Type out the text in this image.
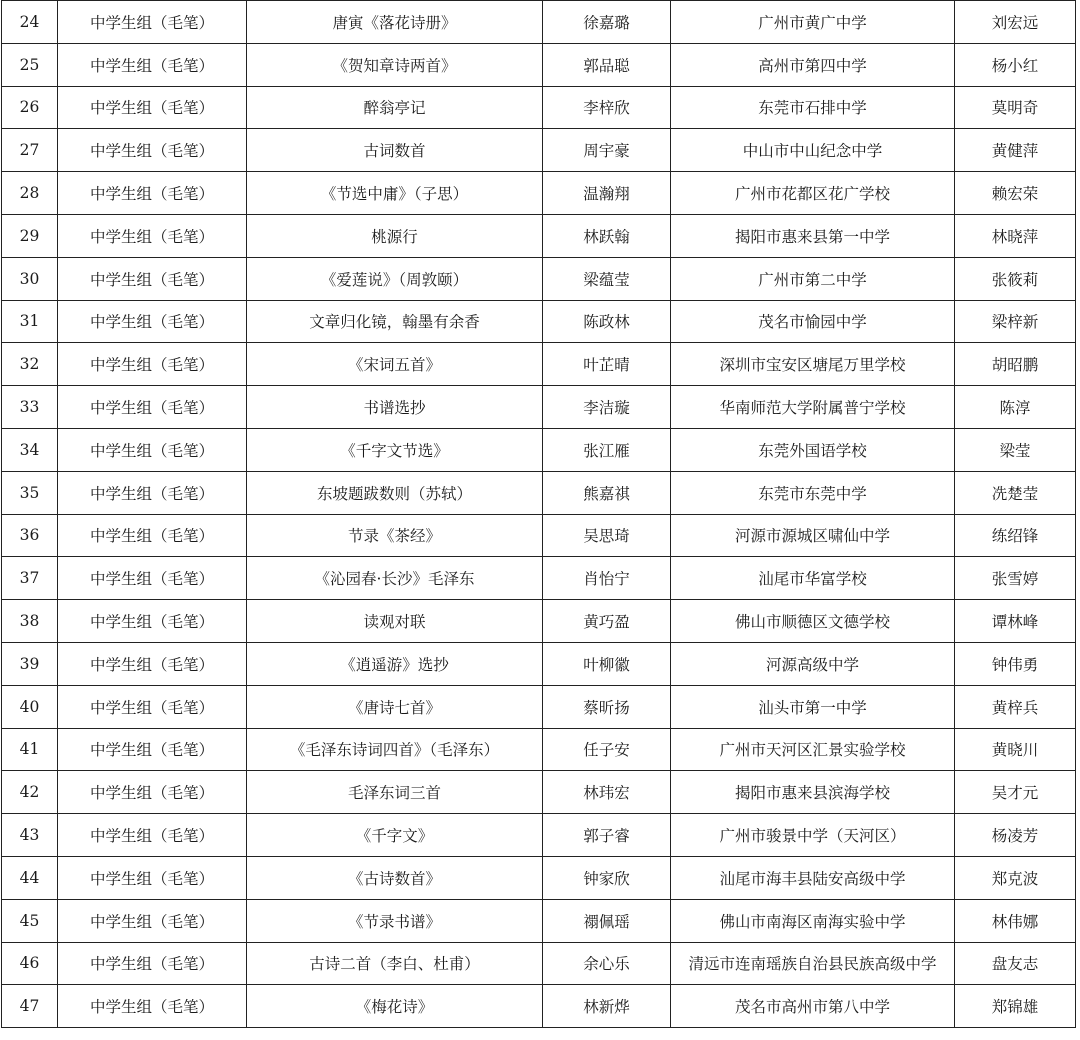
24	中学生组（毛笔）	唐寅《落花诗册》	徐嘉璐	广州市黄广中学	刘宏远
25	中学生组（毛笔）	《贺知章诗两首》	郭品聪	高州市第四中学	杨小红
26	中学生组（毛笔）	醉翁亭记	李梓欣	东莞市石排中学	莫明奇
27	中学生组（毛笔）	古词数首	周宇豪	中山市中山纪念中学	黄健萍
28	中学生组（毛笔）	《节选中庸》（子思）	温瀚翔	广州市花都区花广学校	赖宏荣
29	中学生组（毛笔）	桃源行	林跃翰	揭阳市惠来县第一中学	林晓萍
30	中学生组（毛笔）	《爱莲说》（周敦颐）	梁蕴莹	广州市第二中学	张筱莉
31	中学生组（毛笔）	文章归化镜，翰墨有余香	陈政林	茂名市愉园中学	梁梓新
32	中学生组（毛笔）	《宋词五首》	叶芷晴	深圳市宝安区塘尾万里学校	胡昭鹏
33	中学生组（毛笔）	书谱选抄	李洁璇	华南师范大学附属普宁学校	陈淳
34	中学生组（毛笔）	《千字文节选》	张江雁	东莞外国语学校	梁莹
35	中学生组（毛笔）	东坡题跋数则（苏轼）	熊嘉祺	东莞市东莞中学	冼楚莹
36	中学生组（毛笔）	节录《茶经》	吴思琦	河源市源城区啸仙中学	练绍锋
37	中学生组（毛笔）	《沁园春·长沙》毛泽东	肖怡宁	汕尾市华富学校	张雪婷
38	中学生组（毛笔）	读观对联	黄巧盈	佛山市顺德区文德学校	谭林峰
39	中学生组（毛笔）	《逍遥游》选抄	叶柳徽	河源高级中学	钟伟勇
40	中学生组（毛笔）	《唐诗七首》	蔡昕扬	汕头市第一中学	黄梓兵
41	中学生组（毛笔）	《毛泽东诗词四首》（毛泽东）	任子安	广州市天河区汇景实验学校	黄晓川
42	中学生组（毛笔）	毛泽东词三首	林玮宏	揭阳市惠来县滨海学校	吴才元
43	中学生组（毛笔）	《千字文》	郭子睿	广州市骏景中学（天河区）	杨凌芳
44	中学生组（毛笔）	《古诗数首》	钟家欣	汕尾市海丰县陆安高级中学	郑克波
45	中学生组（毛笔）	《节录书谱》	禤佩瑶	佛山市南海区南海实验中学	林伟娜
46	中学生组（毛笔）	古诗二首（李白、杜甫）	余心乐	清远市连南瑶族自治县民族高级中学	盘友志
47	中学生组（毛笔）	《梅花诗》	林新烨	茂名市高州市第八中学	郑锦雄
